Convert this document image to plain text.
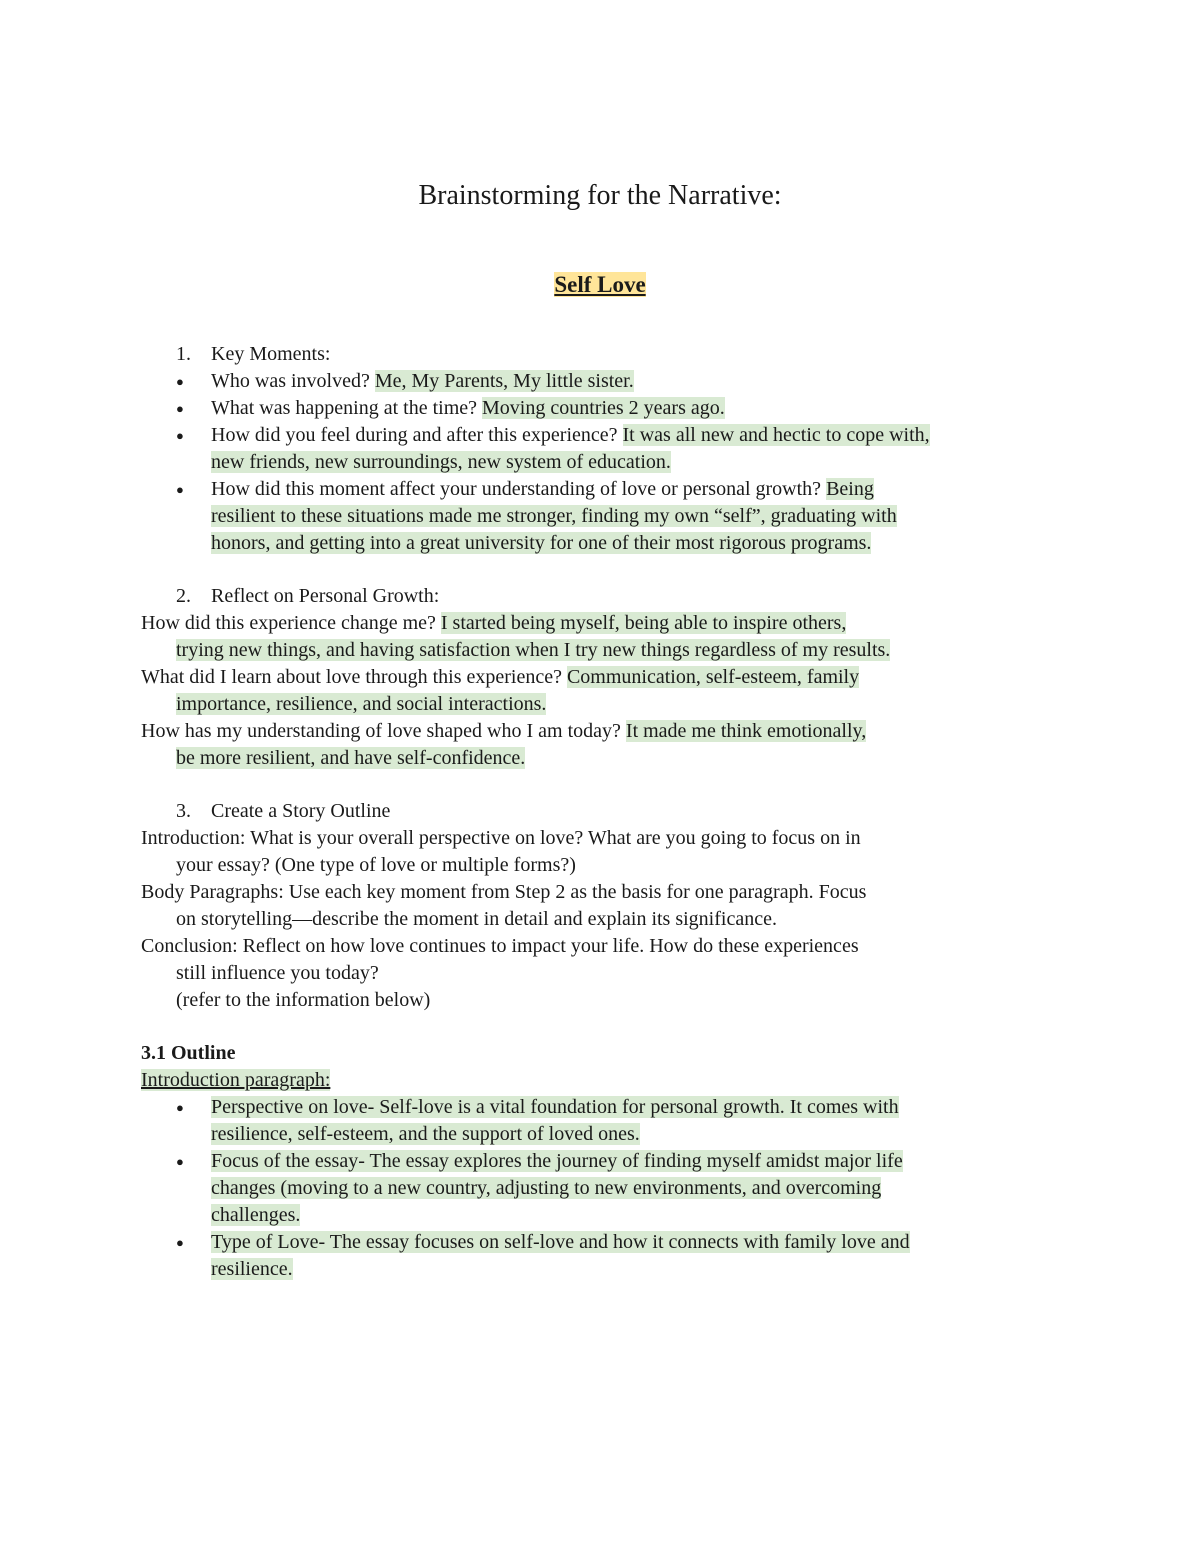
Brainstorming for the Narrative:
Self Love
1.	Key Moments:
●	Who was involved? Me, My Parents, My little sister.
●	What was happening at the time? Moving countries 2 years ago.
●	How did you feel during and after this experience? It was all new and hectic to cope with,
new friends, new surroundings, new system of education.
●	How did this moment affect your understanding of love or personal growth? Being
resilient to these situations made me stronger, finding my own “self”, graduating with
honors, and getting into a great university for one of their most rigorous programs.
2.	Reflect on Personal Growth:
How did this experience change me? I started being myself, being able to inspire others,
trying new things, and having satisfaction when I try new things regardless of my results.
What did I learn about love through this experience? Communication, self-esteem, family
importance, resilience, and social interactions.
How has my understanding of love shaped who I am today? It made me think emotionally,
be more resilient, and have self-confidence.
3.	Create a Story Outline
Introduction: What is your overall perspective on love? What are you going to focus on in
your essay? (One type of love or multiple forms?)
Body Paragraphs: Use each key moment from Step 2 as the basis for one paragraph. Focus
on storytelling—describe the moment in detail and explain its significance.
Conclusion: Reflect on how love continues to impact your life. How do these experiences
still influence you today?
(refer to the information below)
3.1 Outline
Introduction paragraph:
●	Perspective on love- Self-love is a vital foundation for personal growth. It comes with
resilience, self-esteem, and the support of loved ones.
●	Focus of the essay- The essay explores the journey of finding myself amidst major life
changes (moving to a new country, adjusting to new environments, and overcoming
challenges.
●	Type of Love- The essay focuses on self-love and how it connects with family love and
resilience.
